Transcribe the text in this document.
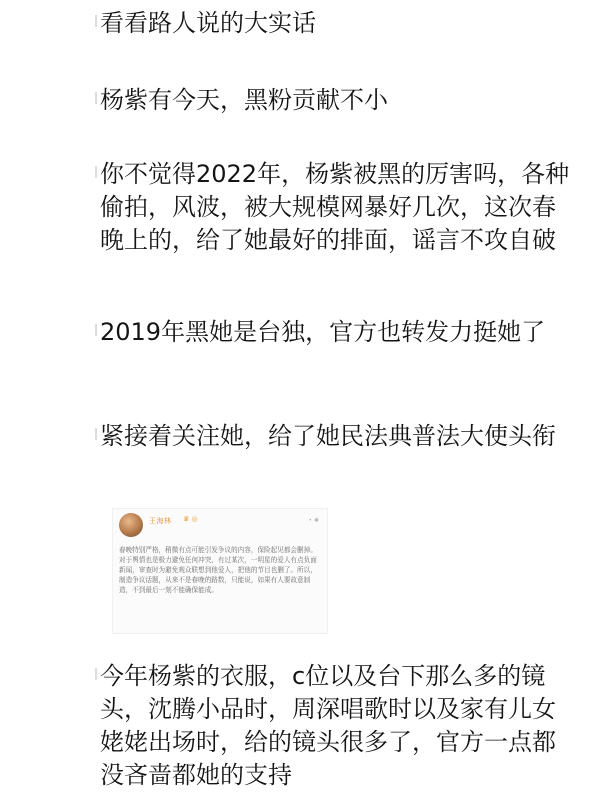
看看路人说的大实话
杨紫有今天，黑粉贡献不小
你不觉得2022年，杨紫被黑的厉害吗，各种偷拍，风波，被大规模网暴好几次，这次春晚上的，给了她最好的排面，谣言不攻自破
2019年黑她是台独，官方也转发力挺她了
紧接着关注她，给了她民法典普法大使头衔
王海林 ♛ ◎	• ✱
春晚特别严格，稍微有点可能引发争议的内容，保险起见都会删掉。对于舆情也是极力避免任何冲突，有过某次，一明星的爱人有点负面新闻，审查时为避免观众联想到他爱人，把他的节目也删了。所以，制造争议话题，从来不是春晚的路数，只能说，如果有人要故意制造，不到最后一刻不能确保能成。
今年杨紫的衣服，c位以及台下那么多的镜头，沈腾小品时，周深唱歌时以及家有儿女姥姥出场时，给的镜头很多了，官方一点都没吝啬都她的支持
